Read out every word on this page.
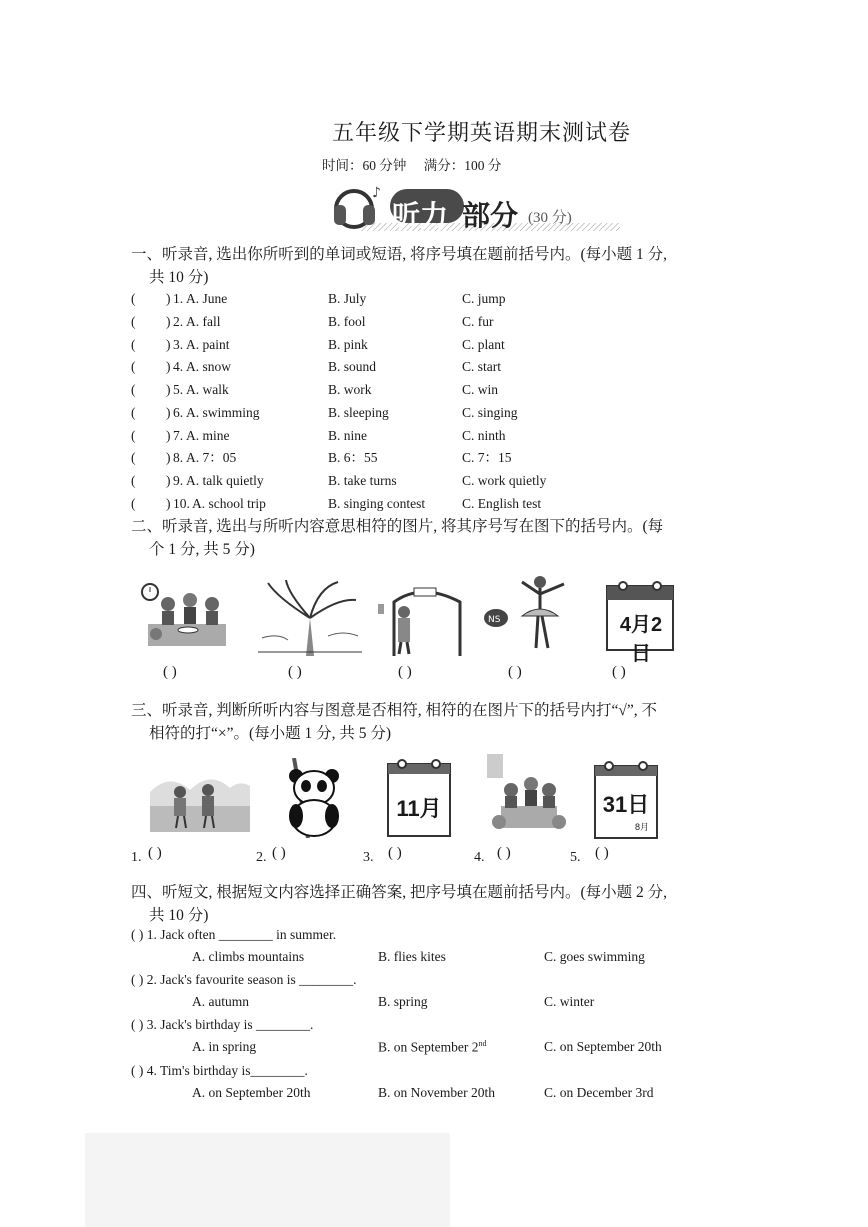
五年级下学期英语期末测试卷
时间：60 分钟 满分：100 分
♪
听力 部分 (30 分)
一、听录音, 选出你所听到的单词或短语, 将序号填在题前括号内。(每小题 1 分,
共 10 分)
( ) 1. A. June	B. July	C. jump
( ) 2. A. fall	B. fool	C. fur
( ) 3. A. paint	B. pink	C. plant
( ) 4. A. snow	B. sound	C. start
( ) 5. A. walk	B. work	C. win
( ) 6. A. swimming	B. sleeping	C. singing
( ) 7. A. mine	B. nine	C. ninth
( ) 8. A. 7：05	B. 6：55	C. 7：15
( ) 9. A. talk quietly	B. take turns	C. work quietly
( ) 10. A. school trip	B. singing contest	C. English test
二、听录音, 选出与所听内容意思相符的图片, 将其序号写在图下的括号内。(每
个 1 分, 共 5 分)
NS	4月2日
( )	( )	( )	( )	( )
三、听录音, 判断所听内容与图意是否相符, 相符的在图片下的括号内打“√”, 不
相符的打“×”。(每小题 1 分, 共 5 分)
11月	31日
8月
1. ( )	2. ( )	3. ( )	4. ( )	5. ( )
四、听短文, 根据短文内容选择正确答案, 把序号填在题前括号内。(每小题 2 分,
共 10 分)
( ) 1. Jack often ________ in summer.
A. climbs mountains	B. flies kites	C. goes swimming
( ) 2. Jack's favourite season is ________.
A. autumn	B. spring	C. winter
( ) 3. Jack's birthday is ________.
A. in spring	B. on September 2nd	C. on September 20th
( ) 4. Tim's birthday is________.
A. on September 20th	B. on November 20th	C. on December 3rd
